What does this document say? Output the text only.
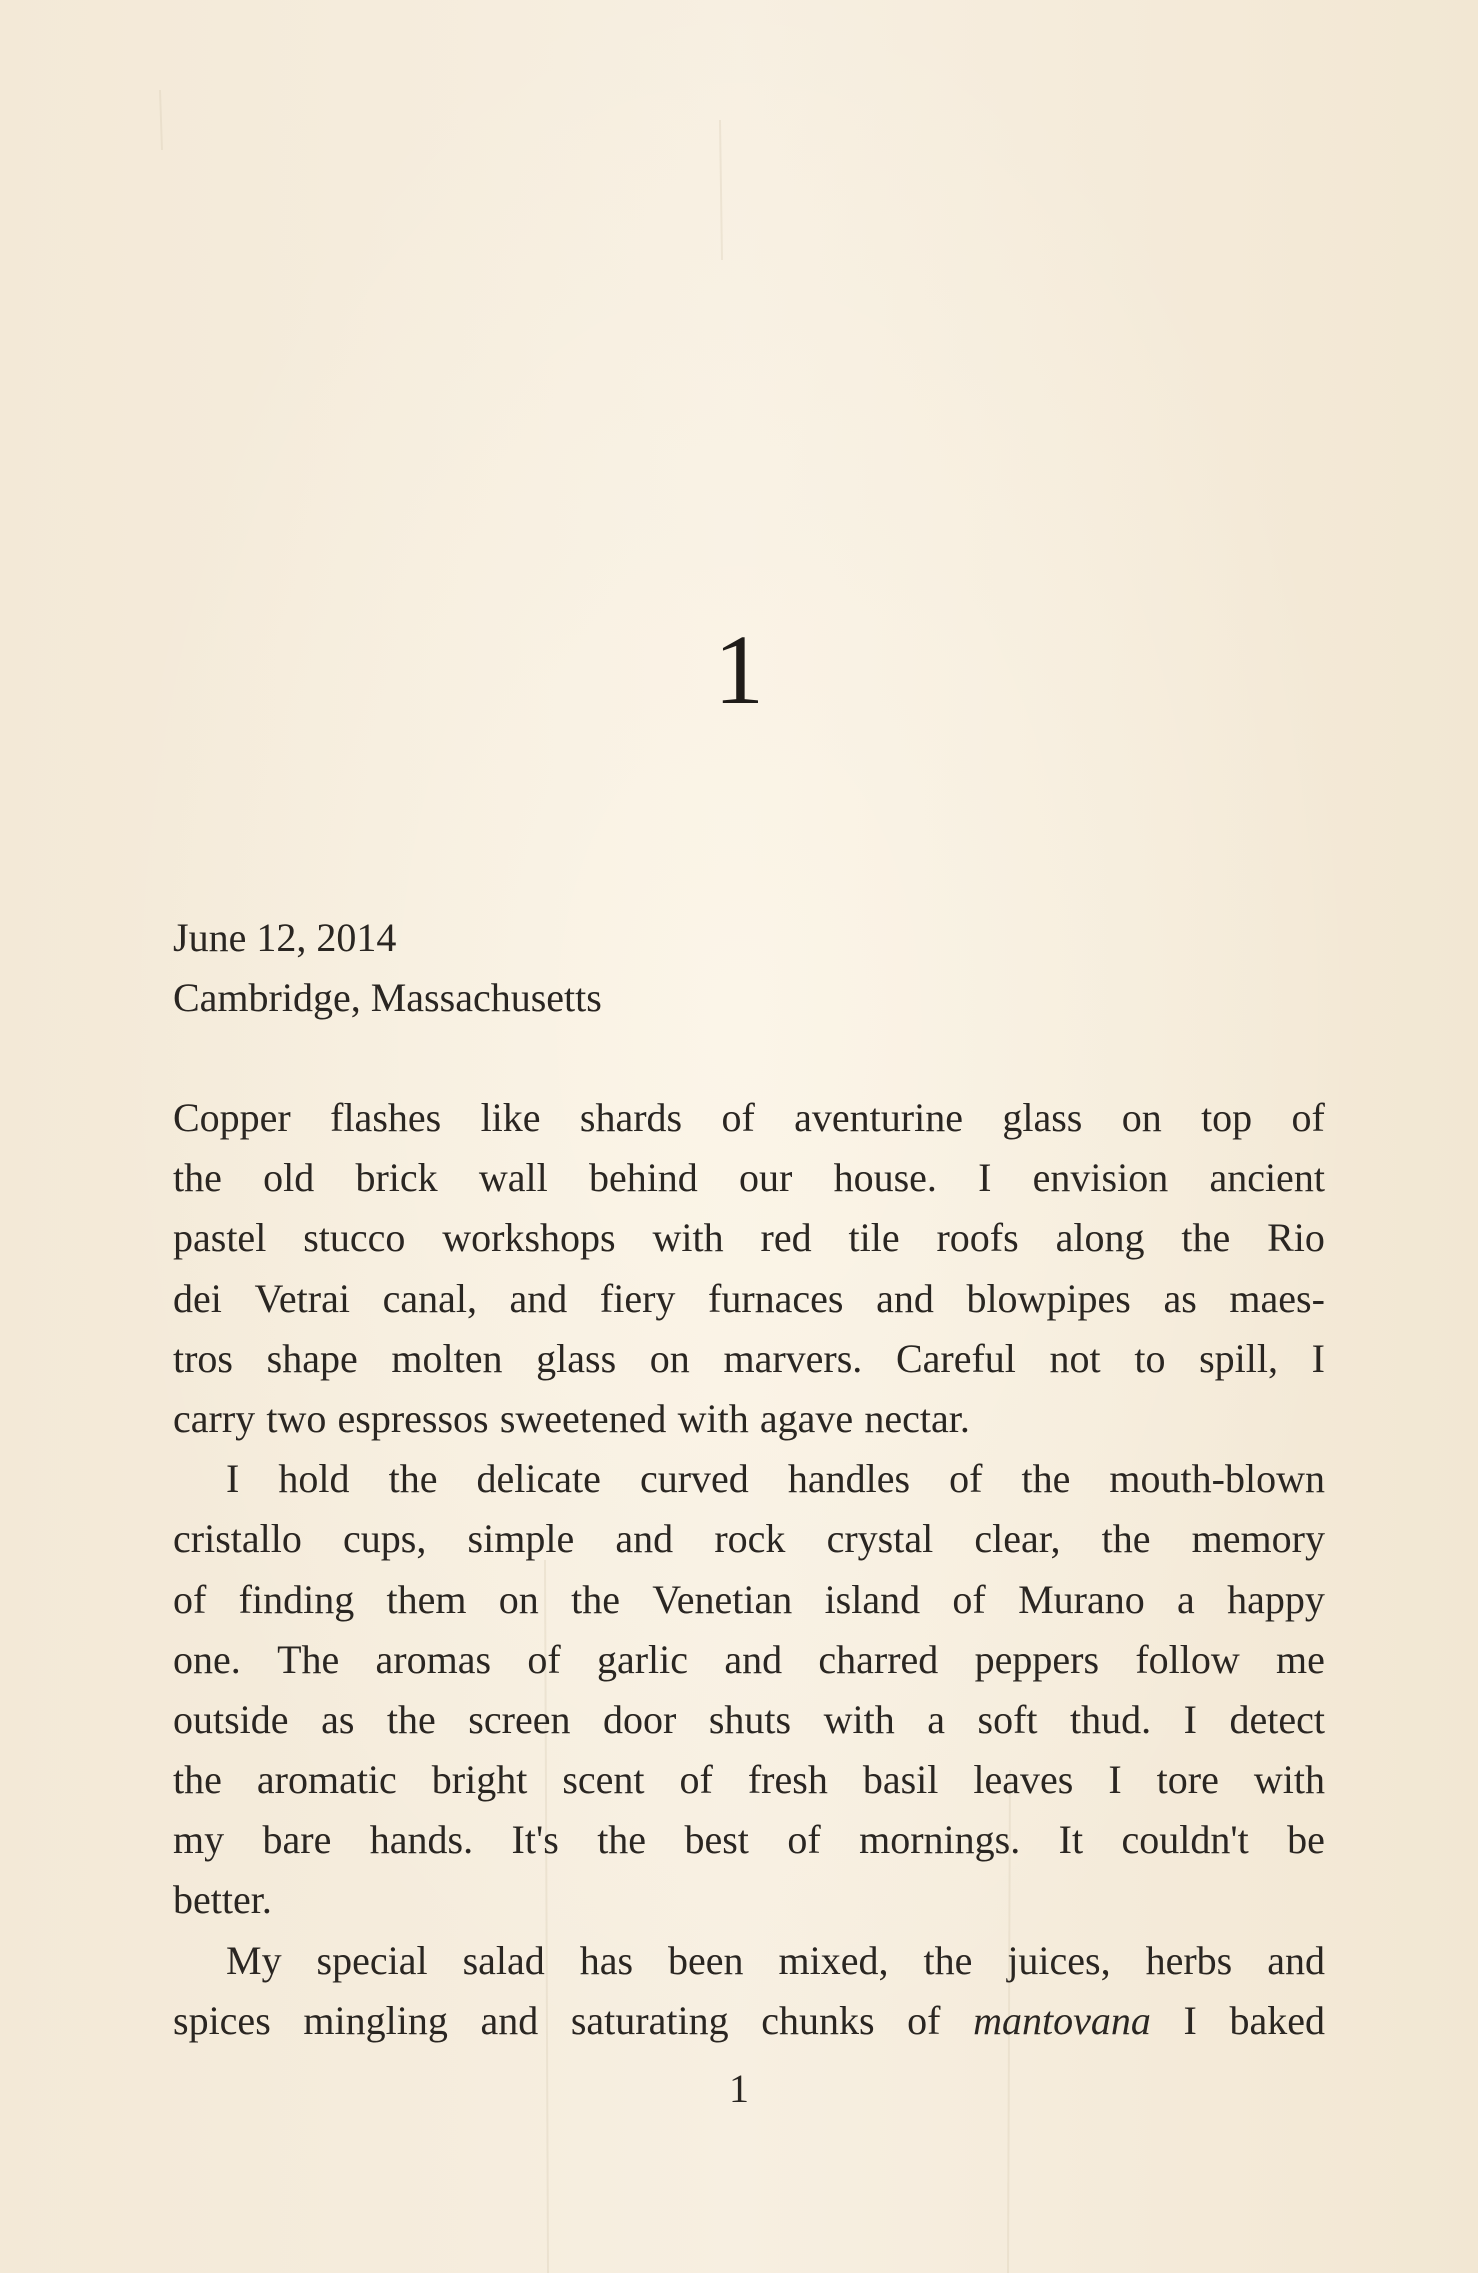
1
June 12, 2014
Cambridge, Massachusetts
Copper flashes like shards of aventurine glass on top of
the old brick wall behind our house. I envision ancient
pastel stucco workshops with red tile roofs along the Rio
dei Vetrai canal, and fiery furnaces and blowpipes as maes-
tros shape molten glass on marvers. Careful not to spill, I
carry two espressos sweetened with agave nectar.
I hold the delicate curved handles of the mouth-blown
cristallo cups, simple and rock crystal clear, the memory
of finding them on the Venetian island of Murano a happy
one. The aromas of garlic and charred peppers follow me
outside as the screen door shuts with a soft thud. I detect
the aromatic bright scent of fresh basil leaves I tore with
my bare hands. It's the best of mornings. It couldn't be
better.
My special salad has been mixed, the juices, herbs and
spices mingling and saturating chunks of mantovana I baked
1
